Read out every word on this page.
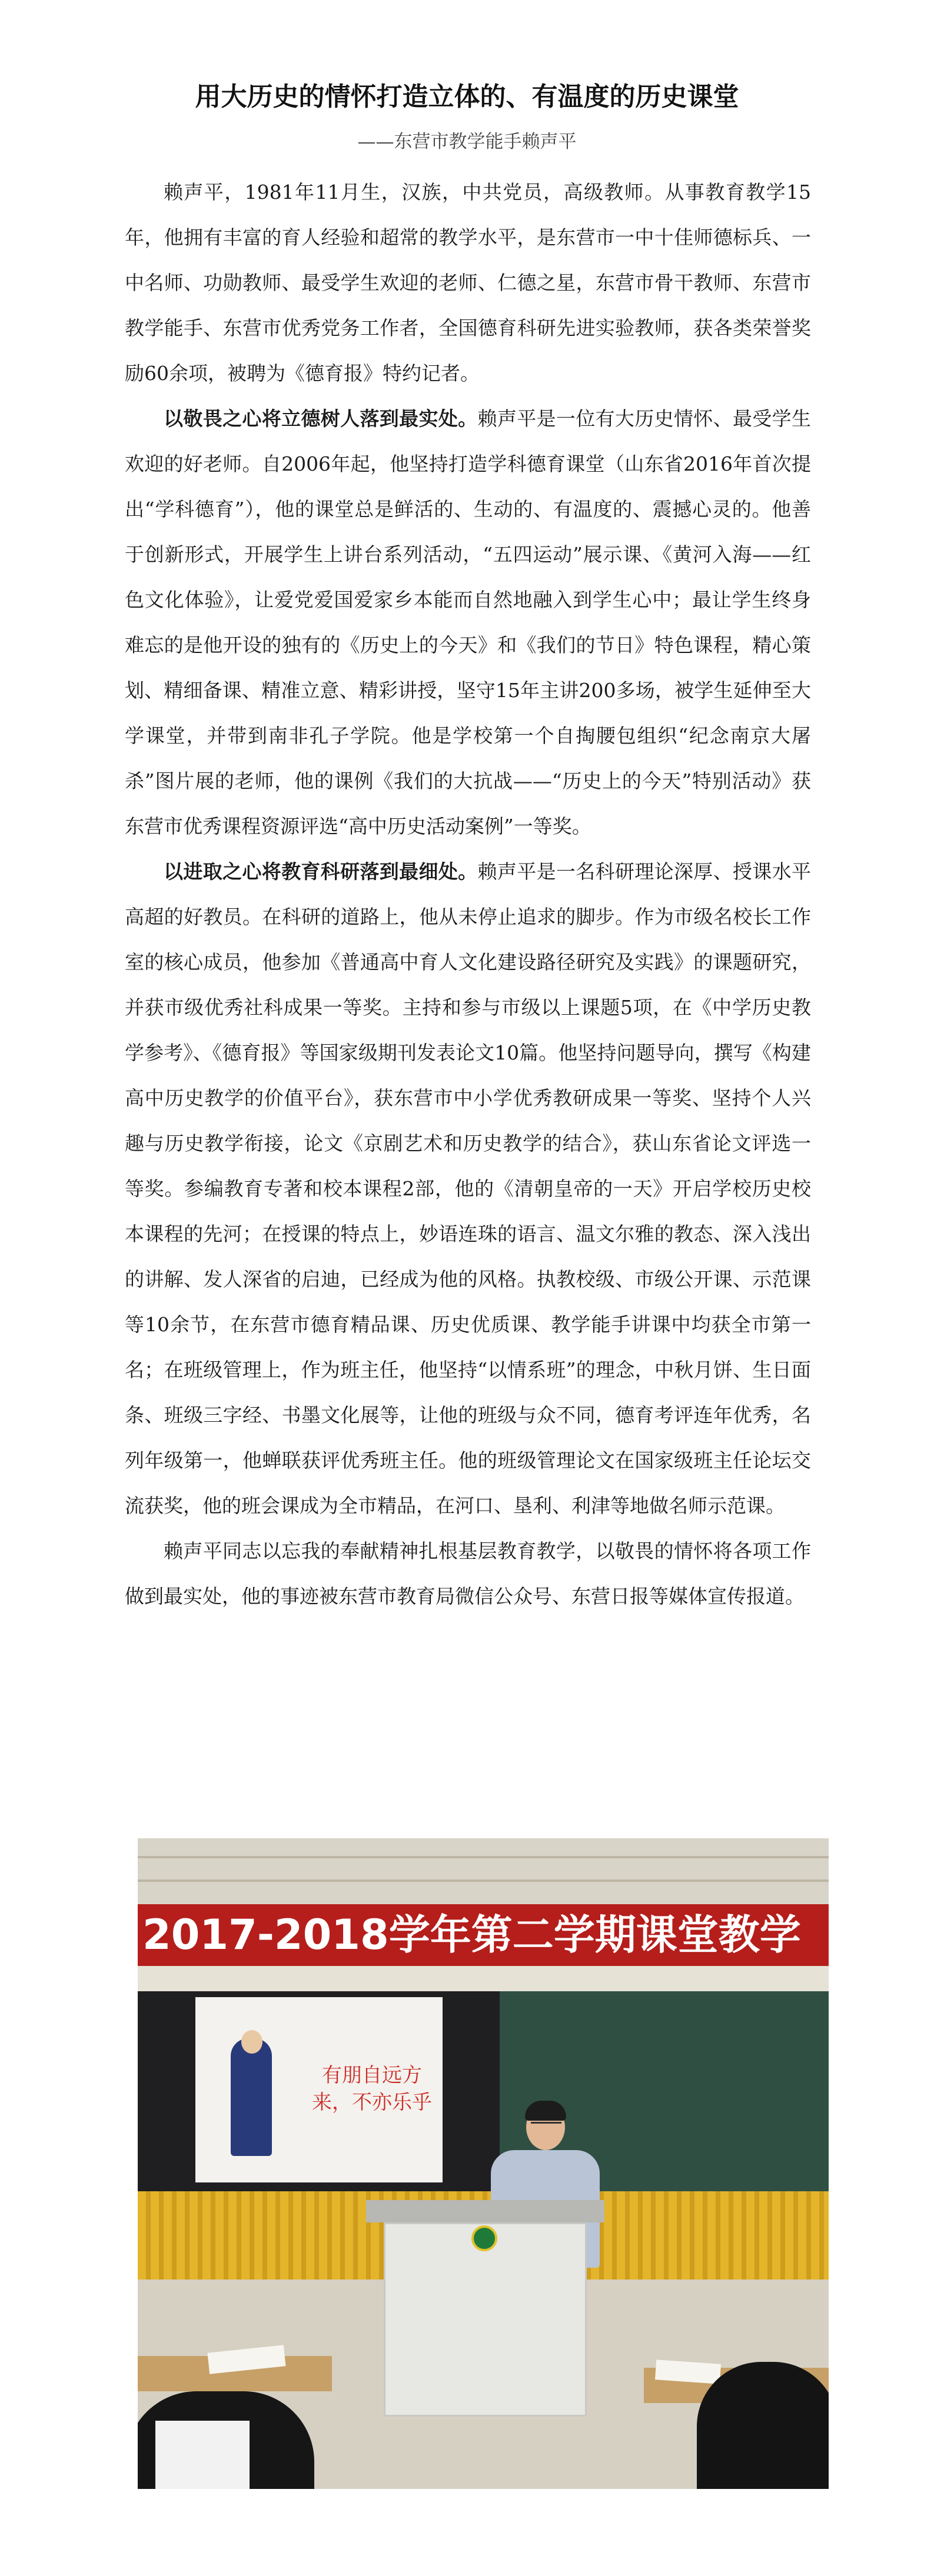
用大历史的情怀打造立体的、有温度的历史课堂
——东营市教学能手赖声平

赖声平，1981年11月生，汉族，中共党员，高级教师。从事教育教学15年，他拥有丰富的育人经验和超常的教学水平，是东营市一中十佳师德标兵、一中名师、功勋教师、最受学生欢迎的老师、仁德之星，东营市骨干教师、东营市教学能手、东营市优秀党务工作者，全国德育科研先进实验教师，获各类荣誉奖励60余项，被聘为《德育报》特约记者。

以敬畏之心将立德树人落到最实处。赖声平是一位有大历史情怀、最受学生欢迎的好老师。自2006年起，他坚持打造学科德育课堂（山东省2016年首次提出“学科德育”），他的课堂总是鲜活的、生动的、有温度的、震撼心灵的。他善于创新形式，开展学生上讲台系列活动，“五四运动”展示课、《黄河入海——红色文化体验》，让爱党爱国爱家乡本能而自然地融入到学生心中；最让学生终身难忘的是他开设的独有的《历史上的今天》和《我们的节日》特色课程，精心策划、精细备课、精准立意、精彩讲授，坚守15年主讲200多场，被学生延伸至大学课堂，并带到南非孔子学院。他是学校第一个自掏腰包组织“纪念南京大屠杀”图片展的老师，他的课例《我们的大抗战——“历史上的今天”特别活动》获东营市优秀课程资源评选“高中历史活动案例”一等奖。

以进取之心将教育科研落到最细处。赖声平是一名科研理论深厚、授课水平高超的好教员。在科研的道路上，他从未停止追求的脚步。作为市级名校长工作室的核心成员，他参加《普通高中育人文化建设路径研究及实践》的课题研究，并获市级优秀社科成果一等奖。主持和参与市级以上课题5项，在《中学历史教学参考》、《德育报》等国家级期刊发表论文10篇。他坚持问题导向，撰写《构建高中历史教学的价值平台》，获东营市中小学优秀教研成果一等奖、坚持个人兴趣与历史教学衔接，论文《京剧艺术和历史教学的结合》，获山东省论文评选一等奖。参编教育专著和校本课程2部，他的《清朝皇帝的一天》开启学校历史校本课程的先河；在授课的特点上，妙语连珠的语言、温文尔雅的教态、深入浅出的讲解、发人深省的启迪，已经成为他的风格。执教校级、市级公开课、示范课等10余节，在东营市德育精品课、历史优质课、教学能手讲课中均获全市第一名；在班级管理上，作为班主任，他坚持“以情系班”的理念，中秋月饼、生日面条、班级三字经、书墨文化展等，让他的班级与众不同，德育考评连年优秀，名列年级第一，他蝉联获评优秀班主任。他的班级管理论文在国家级班主任论坛交流获奖，他的班会课成为全市精品，在河口、垦利、利津等地做名师示范课。

赖声平同志以忘我的奉献精神扎根基层教育教学，以敬畏的情怀将各项工作做到最实处，他的事迹被东营市教育局微信公众号、东营日报等媒体宣传报道。

2017-2018学年第二学期课堂教学
有朋自远方来，不亦乐乎
